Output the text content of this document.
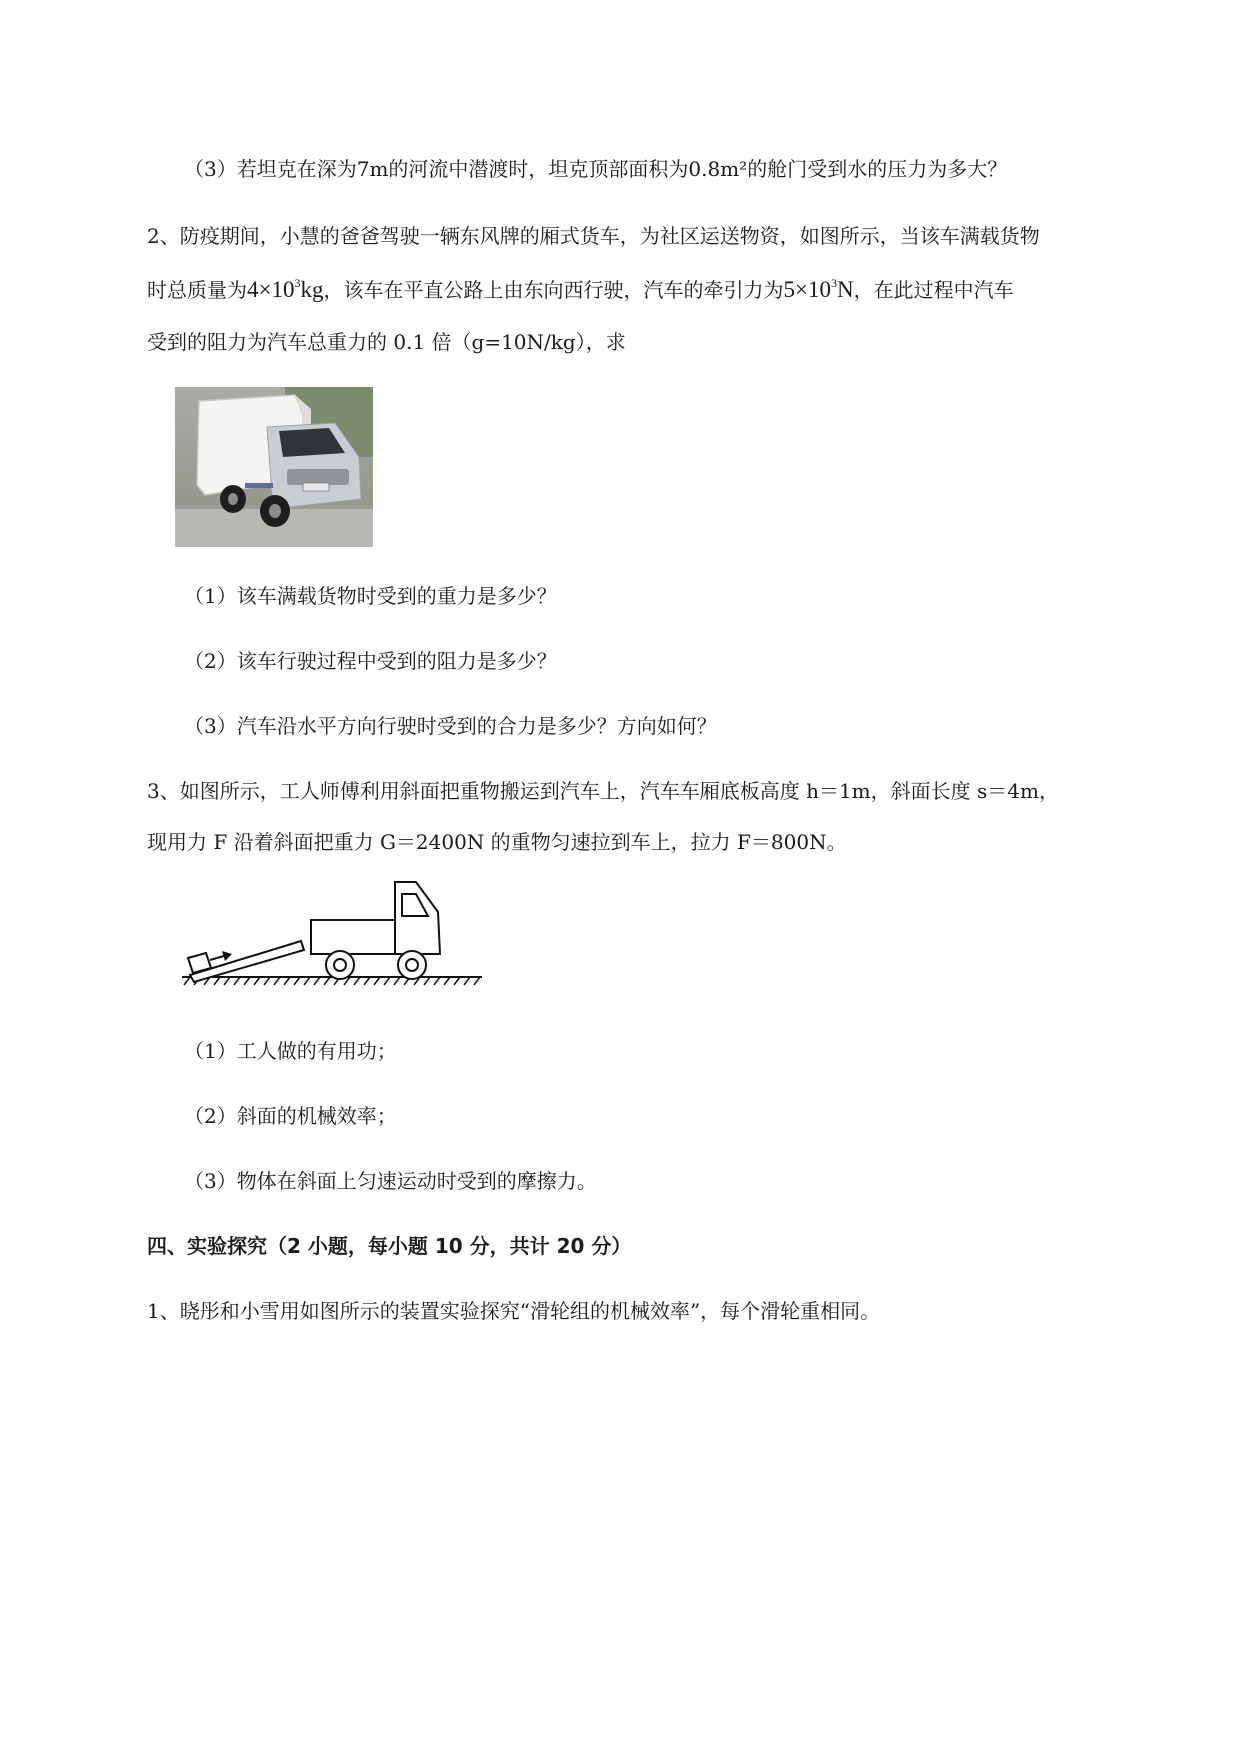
（3）若坦克在深为7m的河流中潜渡时，坦克顶部面积为0.8m²的舱门受到水的压力为多大？
2、防疫期间，小慧的爸爸驾驶一辆东风牌的厢式货车，为社区运送物资，如图所示，当该车满载货物
时总质量为$4\times 10^3kg$，该车在平直公路上由东向西行驶，汽车的牵引力为$5\times 10^3N$，在此过程中汽车
受到的阻力为汽车总重力的 0.1 倍（g=10N/kg），求
（1）该车满载货物时受到的重力是多少？
（2）该车行驶过程中受到的阻力是多少？
（3）汽车沿水平方向行驶时受到的合力是多少？方向如何？
3、如图所示，工人师傅利用斜面把重物搬运到汽车上，汽车车厢底板高度 h＝1m，斜面长度 s＝4m，
现用力 F 沿着斜面把重力 G＝2400N 的重物匀速拉到车上，拉力 F＝800N。
（1）工人做的有用功；
（2）斜面的机械效率；
（3）物体在斜面上匀速运动时受到的摩擦力。
四、实验探究（2 小题，每小题 10 分，共计 20 分）
1、晓彤和小雪用如图所示的装置实验探究“滑轮组的机械效率”，每个滑轮重相同。
